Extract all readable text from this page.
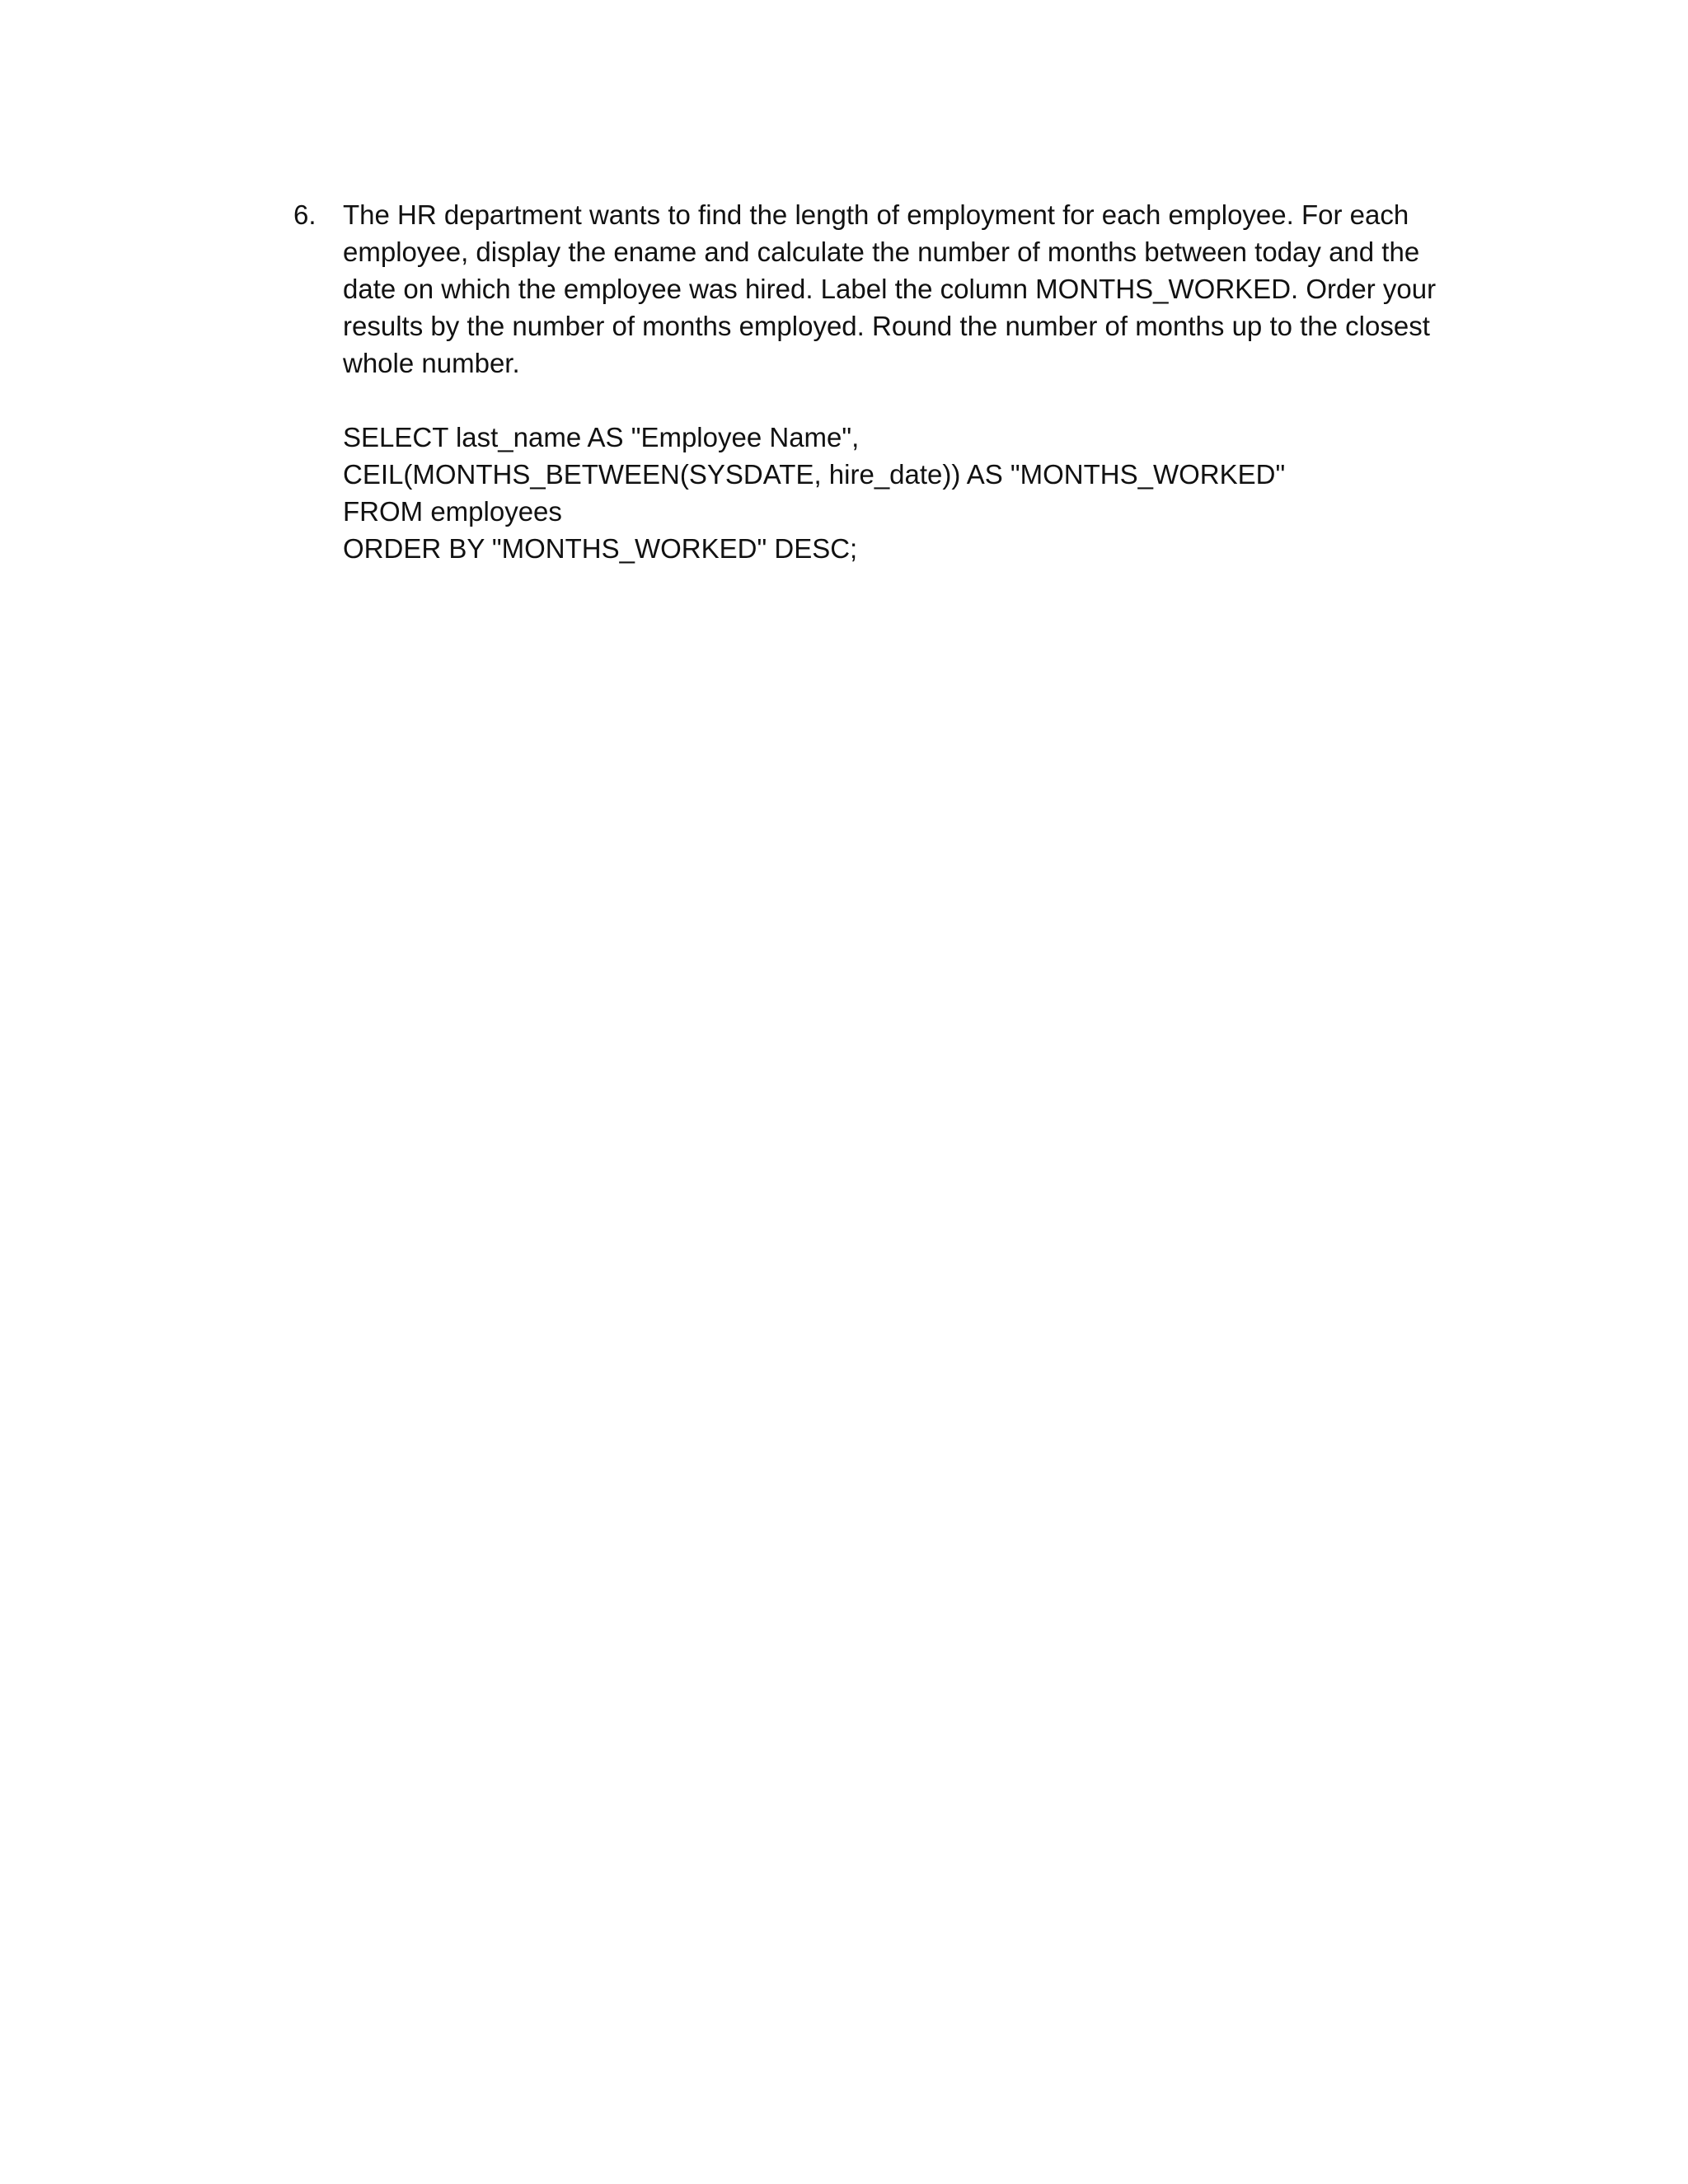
6. The HR department wants to find the length of employment for each employee. For each
employee, display the ename and calculate the number of months between today and the
date on which the employee was hired. Label the column MONTHS_WORKED. Order your
results by the number of months employed. Round the number of months up to the closest
whole number.
SELECT last_name AS "Employee Name",
CEIL(MONTHS_BETWEEN(SYSDATE, hire_date)) AS "MONTHS_WORKED"
FROM employees
ORDER BY "MONTHS_WORKED" DESC;
